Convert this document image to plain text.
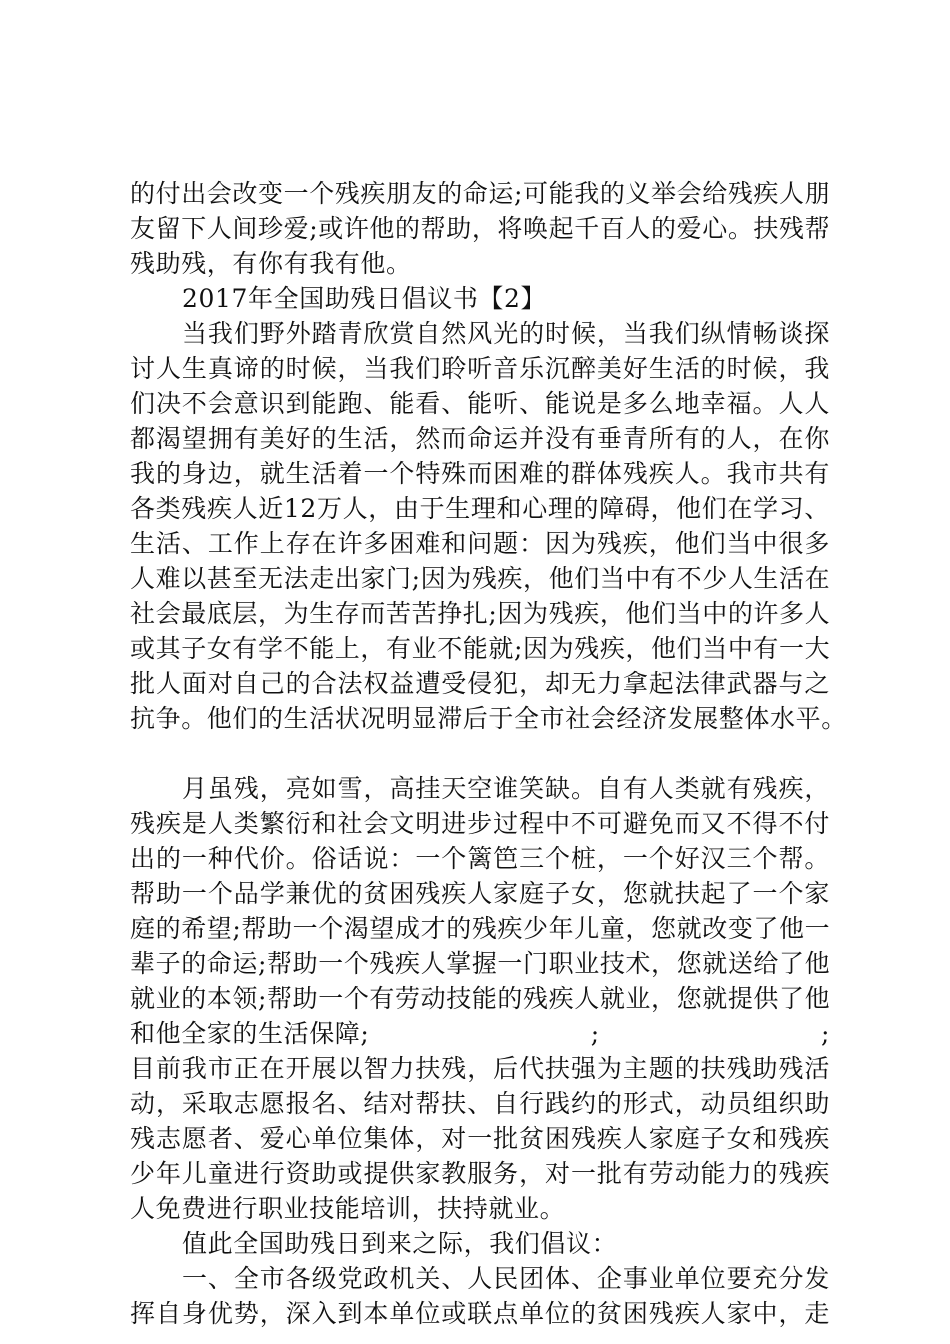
的付出会改变一个残疾朋友的命运;可能我的义举会给残疾人朋
友留下人间珍爱;或许他的帮助，将唤起千百人的爱心。扶残帮
残助残，有你有我有他。
2017年全国助残日倡议书【2】
当我们野外踏青欣赏自然风光的时候，当我们纵情畅谈探
讨人生真谛的时候，当我们聆听音乐沉醉美好生活的时候，我
们决不会意识到能跑、能看、能听、能说是多么地幸福。人人
都渴望拥有美好的生活，然而命运并没有垂青所有的人，在你
我的身边，就生活着一个特殊而困难的群体残疾人。我市共有
各类残疾人近12万人，由于生理和心理的障碍，他们在学习、
生活、工作上存在许多困难和问题：因为残疾，他们当中很多
人难以甚至无法走出家门;因为残疾，他们当中有不少人生活在
社会最底层，为生存而苦苦挣扎;因为残疾，他们当中的许多人
或其子女有学不能上，有业不能就;因为残疾，他们当中有一大
批人面对自己的合法权益遭受侵犯，却无力拿起法律武器与之
抗争。他们的生活状况明显滞后于全市社会经济发展整体水平。
月虽残，亮如雪，高挂天空谁笑缺。自有人类就有残疾，
残疾是人类繁衍和社会文明进步过程中不可避免而又不得不付
出的一种代价。俗话说：一个篱笆三个桩，一个好汉三个帮。
帮助一个品学兼优的贫困残疾人家庭子女，您就扶起了一个家
庭的希望;帮助一个渴望成才的残疾少年儿童，您就改变了他一
辈子的命运;帮助一个残疾人掌握一门职业技术，您就送给了他
就业的本领;帮助一个有劳动技能的残疾人就业，您就提供了他
和他全家的生活保障;	;	;
目前我市正在开展以智力扶残，后代扶强为主题的扶残助残活
动，采取志愿报名、结对帮扶、自行践约的形式，动员组织助
残志愿者、爱心单位集体，对一批贫困残疾人家庭子女和残疾
少年儿童进行资助或提供家教服务，对一批有劳动能力的残疾
人免费进行职业技能培训，扶持就业。
值此全国助残日到来之际，我们倡议：
一、全市各级党政机关、人民团体、企事业单位要充分发
挥自身优势，深入到本单位或联点单位的贫困残疾人家中，走
